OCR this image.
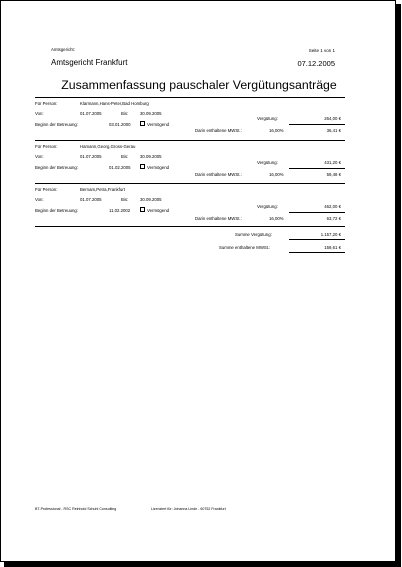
Amtsgericht:
Amtsgericht Frankfurt
Seite 1 von 1
07.12.2005
Zusammenfassung pauschaler Vergütungsanträge
Für Person:	Klarmann,Hans-Peter,Bad Homburg
Von:	01.07.2005	Bis:	30.09.2005
Beginn der Betreuung:	03.01.2000	Vermögend
Vergütung:	264,00 €
Darin enthaltene MWSt.:	16,00%	36,41 €
Für Person:	Hamann,Georg,Gross-Gerau
Von:	01.07.2005	Bis:	30.09.2005
Beginn der Betreuung:	01.02.2005	Vermögend
Vergütung:	431,20 €
Darin enthaltene MWSt.:	16,00%	59,48 €
Für Person:	Bernam,Petra,Frankfurt
Von:	01.07.2005	Bis:	30.09.2005
Beginn der Betreuung:	11.02.2002	Vermögend
Vergütung:	462,00 €
Darin enthaltene MWSt.:	16,00%	63,72 €
Summe Vergütung:	1.157,20 €
Summe enthaltene MWSt.:	159,61 €
BT-Professional - RSC Reinhold Schuhl Consulting	Lizenziert für: Johanna Linde - 60752 Frankfurt
